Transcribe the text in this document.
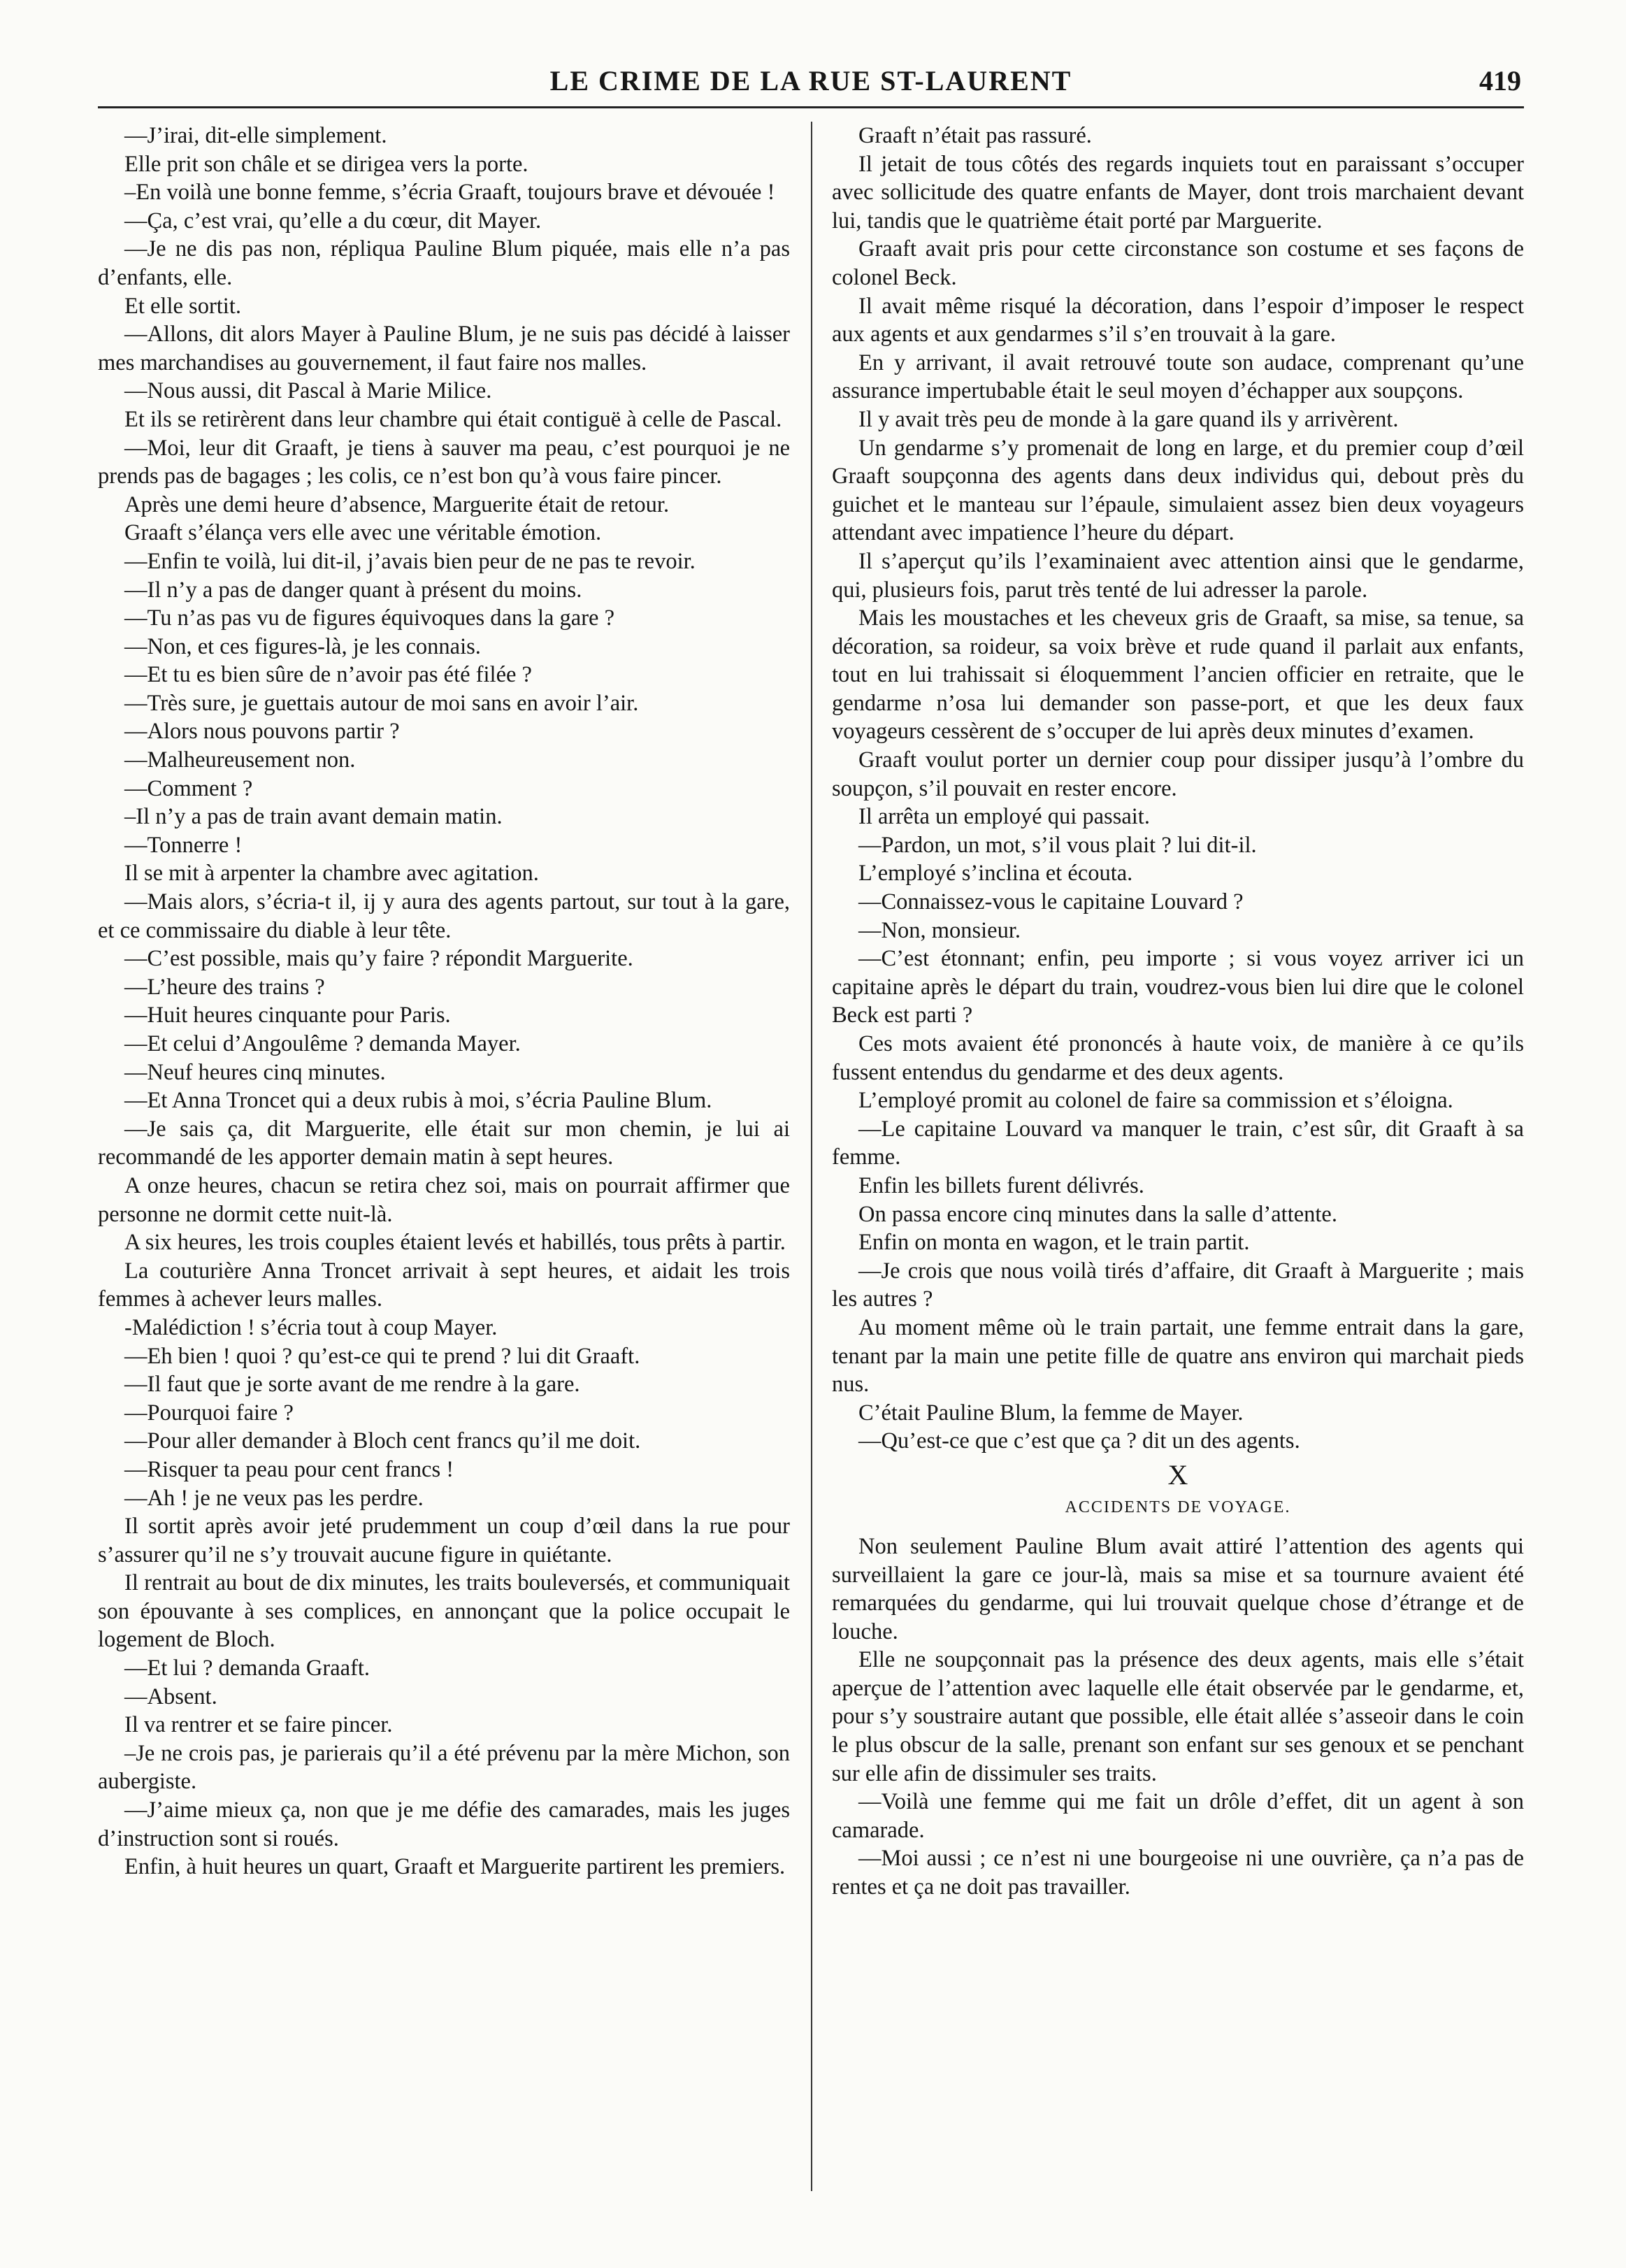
LE CRIME DE LA RUE ST-LAURENT	419

—J’irai, dit-elle simplement.

Elle prit son châle et se dirigea vers la porte.

–En voilà une bonne femme, s’écria Graaft, toujours brave et dévouée !

—Ça, c’est vrai, qu’elle a du cœur, dit Mayer.

—Je ne dis pas non, répliqua Pauline Blum piquée, mais elle n’a pas d’enfants, elle.

Et elle sortit.

—Allons, dit alors Mayer à Pauline Blum, je ne suis pas décidé à laisser mes marchandises au gouvernement, il faut faire nos malles.

—Nous aussi, dit Pascal à Marie Milice.

Et ils se retirèrent dans leur chambre qui était contiguë à celle de Pascal.

—Moi, leur dit Graaft, je tiens à sauver ma peau, c’est pourquoi je ne prends pas de bagages ; les colis, ce n’est bon qu’à vous faire pincer.

Après une demi heure d’absence, Marguerite était de retour.

Graaft s’élança vers elle avec une véritable émotion.

—Enfin te voilà, lui dit-il, j’avais bien peur de ne pas te revoir.

—Il n’y a pas de danger quant à présent du moins.

—Tu n’as pas vu de figures équivoques dans la gare ?

—Non, et ces figures-là, je les connais.

—Et tu es bien sûre de n’avoir pas été filée ?

—Très sure, je guettais autour de moi sans en avoir l’air.

—Alors nous pouvons partir ?

—Malheureusement non.

—Comment ?

–Il n’y a pas de train avant demain matin.

—Tonnerre !

Il se mit à arpenter la chambre avec agitation.

—Mais alors, s’écria-t il, ij y aura des agents partout, sur tout à la gare, et ce commissaire du diable à leur tête.

—C’est possible, mais qu’y faire ? répondit Marguerite.

—L’heure des trains ?

—Huit heures cinquante pour Paris.

—Et celui d’Angoulême ? demanda Mayer.

—Neuf heures cinq minutes.

—Et Anna Troncet qui a deux rubis à moi, s’écria Pauline Blum.

—Je sais ça, dit Marguerite, elle était sur mon chemin, je lui ai recommandé de les apporter demain matin à sept heures.

A onze heures, chacun se retira chez soi, mais on pourrait affirmer que personne ne dormit cette nuit-là.

A six heures, les trois couples étaient levés et habillés, tous prêts à partir.

La couturière Anna Troncet arrivait à sept heures, et aidait les trois femmes à achever leurs malles.

-Malédiction ! s’écria tout à coup Mayer.

—Eh bien ! quoi ? qu’est-ce qui te prend ? lui dit Graaft.

—Il faut que je sorte avant de me rendre à la gare.

—Pourquoi faire ?

—Pour aller demander à Bloch cent francs qu’il me doit.

—Risquer ta peau pour cent francs !

—Ah ! je ne veux pas les perdre.

Il sortit après avoir jeté prudemment un coup d’œil dans la rue pour s’assurer qu’il ne s’y trouvait aucune figure in quiétante.

Il rentrait au bout de dix minutes, les traits bouleversés, et communiquait son épouvante à ses complices, en annonçant que la police occupait le logement de Bloch.

—Et lui ? demanda Graaft.

—Absent.

Il va rentrer et se faire pincer.

–Je ne crois pas, je parierais qu’il a été prévenu par la mère Michon, son aubergiste.

—J’aime mieux ça, non que je me défie des camarades, mais les juges d’instruction sont si roués.

Enfin, à huit heures un quart, Graaft et Marguerite partirent les premiers.

Graaft n’était pas rassuré.

Il jetait de tous côtés des regards inquiets tout en paraissant s’occuper avec sollicitude des quatre enfants de Mayer, dont trois marchaient devant lui, tandis que le quatrième était porté par Marguerite.

Graaft avait pris pour cette circonstance son costume et ses façons de colonel Beck.

Il avait même risqué la décoration, dans l’espoir d’imposer le respect aux agents et aux gendarmes s’il s’en trouvait à la gare.

En y arrivant, il avait retrouvé toute son audace, comprenant qu’une assurance impertubable était le seul moyen d’échapper aux soupçons.

Il y avait très peu de monde à la gare quand ils y arrivèrent.

Un gendarme s’y promenait de long en large, et du premier coup d’œil Graaft soupçonna des agents dans deux individus qui, debout près du guichet et le manteau sur l’épaule, simulaient assez bien deux voyageurs attendant avec impatience l’heure du départ.

Il s’aperçut qu’ils l’examinaient avec attention ainsi que le gendarme, qui, plusieurs fois, parut très tenté de lui adresser la parole.

Mais les moustaches et les cheveux gris de Graaft, sa mise, sa tenue, sa décoration, sa roideur, sa voix brève et rude quand il parlait aux enfants, tout en lui trahissait si éloquemment l’ancien officier en retraite, que le gendarme n’osa lui demander son passe-port, et que les deux faux voyageurs cessèrent de s’occuper de lui après deux minutes d’examen.

Graaft voulut porter un dernier coup pour dissiper jusqu’à l’ombre du soupçon, s’il pouvait en rester encore.

Il arrêta un employé qui passait.

—Pardon, un mot, s’il vous plait ? lui dit-il.

L’employé s’inclina et écouta.

—Connaissez-vous le capitaine Louvard ?

—Non, monsieur.

—C’est étonnant; enfin, peu importe ; si vous voyez arriver ici un capitaine après le départ du train, voudrez-vous bien lui dire que le colonel Beck est parti ?

Ces mots avaient été prononcés à haute voix, de manière à ce qu’ils fussent entendus du gendarme et des deux agents.

L’employé promit au colonel de faire sa commission et s’éloigna.

—Le capitaine Louvard va manquer le train, c’est sûr, dit Graaft à sa femme.

Enfin les billets furent délivrés.

On passa encore cinq minutes dans la salle d’attente.

Enfin on monta en wagon, et le train partit.

—Je crois que nous voilà tirés d’affaire, dit Graaft à Marguerite ; mais les autres ?

Au moment même où le train partait, une femme entrait dans la gare, tenant par la main une petite fille de quatre ans environ qui marchait pieds nus.

C’était Pauline Blum, la femme de Mayer.

—Qu’est-ce que c’est que ça ? dit un des agents.

X
ACCIDENTS DE VOYAGE.

Non seulement Pauline Blum avait attiré l’attention des agents qui surveillaient la gare ce jour-là, mais sa mise et sa tournure avaient été remarquées du gendarme, qui lui trouvait quelque chose d’étrange et de louche.

Elle ne soupçonnait pas la présence des deux agents, mais elle s’était aperçue de l’attention avec laquelle elle était observée par le gendarme, et, pour s’y soustraire autant que possible, elle était allée s’asseoir dans le coin le plus obscur de la salle, prenant son enfant sur ses genoux et se penchant sur elle afin de dissimuler ses traits.

—Voilà une femme qui me fait un drôle d’effet, dit un agent à son camarade.

—Moi aussi ; ce n’est ni une bourgeoise ni une ouvrière, ça n’a pas de rentes et ça ne doit pas travailler.
